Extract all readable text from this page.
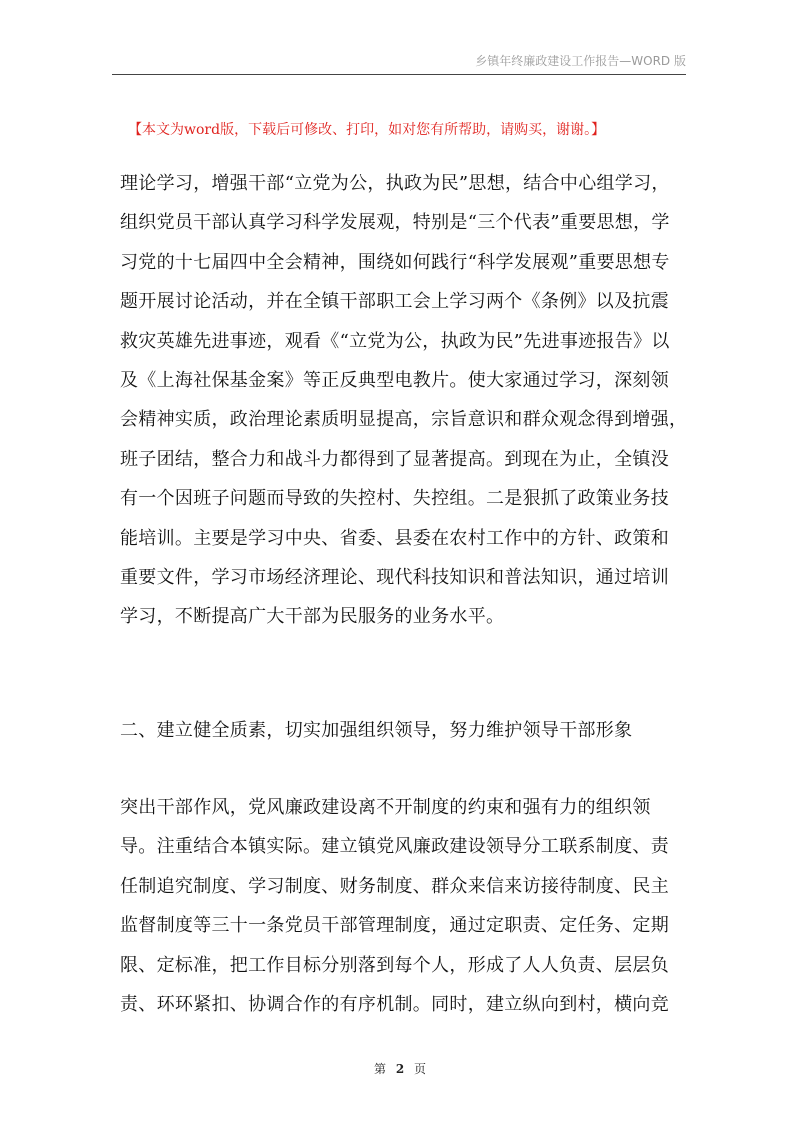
乡镇年终廉政建设工作报告—WORD 版
【本文为word版，下载后可修改、打印，如对您有所帮助，请购买，谢谢。】
理论学习，增强干部“立党为公，执政为民”思想，结合中心组学习，
组织党员干部认真学习科学发展观，特别是“三个代表”重要思想，学
习党的十七届四中全会精神，围绕如何践行“科学发展观”重要思想专
题开展讨论活动，并在全镇干部职工会上学习两个《条例》以及抗震
救灾英雄先进事迹，观看《“立党为公，执政为民”先进事迹报告》以
及《上海社保基金案》等正反典型电教片。使大家通过学习，深刻领
会精神实质，政治理论素质明显提高，宗旨意识和群众观念得到增强，
班子团结，整合力和战斗力都得到了显著提高。到现在为止，全镇没
有一个因班子问题而导致的失控村、失控组。二是狠抓了政策业务技
能培训。主要是学习中央、省委、县委在农村工作中的方针、政策和
重要文件，学习市场经济理论、现代科技知识和普法知识，通过培训
学习，不断提高广大干部为民服务的业务水平。
二、建立健全质素，切实加强组织领导，努力维护领导干部形象
突出干部作风，党风廉政建设离不开制度的约束和强有力的组织领
导。注重结合本镇实际。建立镇党风廉政建设领导分工联系制度、责
任制追究制度、学习制度、财务制度、群众来信来访接待制度、民主
监督制度等三十一条党员干部管理制度，通过定职责、定任务、定期
限、定标准，把工作目标分别落到每个人，形成了人人负责、层层负
责、环环紧扣、协调合作的有序机制。同时，建立纵向到村，横向竞
第 2 页
